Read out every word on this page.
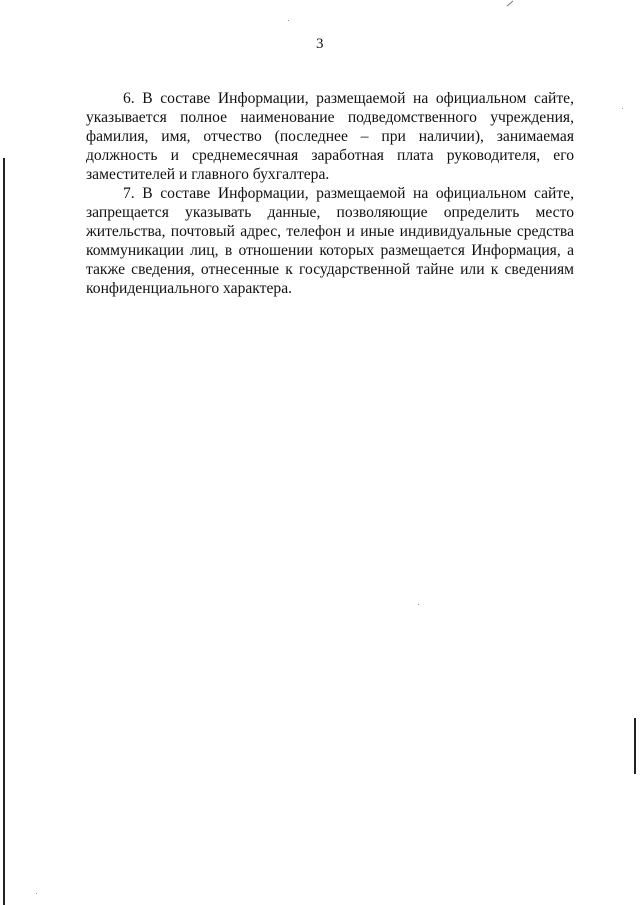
3

6. В составе Информации, размещаемой на официальном сайте, указывается полное наименование подведомственного учреждения, фамилия, имя, отчество (последнее – при наличии), занимаемая должность и среднемесячная заработная плата руководителя, его заместителей и главного бухгалтера.

7. В составе Информации, размещаемой на официальном сайте, запрещается указывать данные, позволяющие определить место жительства, почтовый адрес, телефон и иные индивидуальные средства коммуникации лиц, в отношении которых размещается Информация, а также сведения, отнесенные к государственной тайне или к сведениям конфиденциального характера.
